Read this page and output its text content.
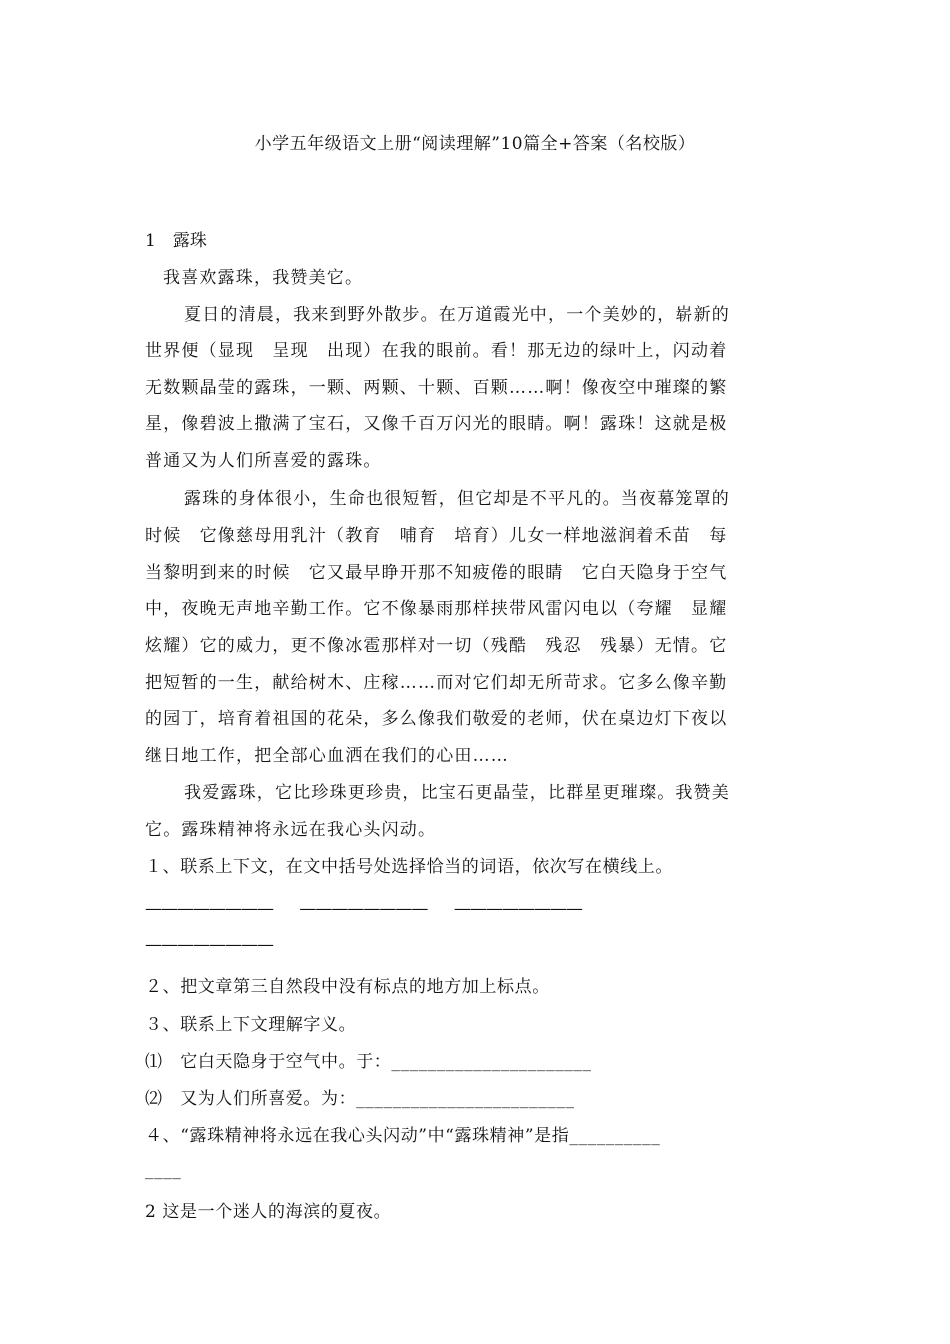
小学五年级语文上册“阅读理解”10篇全+答案（名校版）
1　露珠
我喜欢露珠，我赞美它。
夏日的清晨，我来到野外散步。在万道霞光中，一个美妙的，崭新的
世界便（显现　呈现　出现）在我的眼前。看！那无边的绿叶上，闪动着
无数颗晶莹的露珠，一颗、两颗、十颗、百颗……啊！像夜空中璀璨的繁
星，像碧波上撒满了宝石，又像千百万闪光的眼睛。啊！露珠！这就是极
普通又为人们所喜爱的露珠。
露珠的身体很小，生命也很短暂，但它却是不平凡的。当夜幕笼罩的
时候　它像慈母用乳汁（教育　哺育　培育）儿女一样地滋润着禾苗　每
当黎明到来的时候　它又最早睁开那不知疲倦的眼睛　它白天隐身于空气
中，夜晚无声地辛勤工作。它不像暴雨那样挟带风雷闪电以（夸耀　显耀
炫耀）它的威力，更不像冰雹那样对一切（残酷　残忍　残暴）无情。它
把短暂的一生，献给树木、庄稼……而对它们却无所苛求。它多么像辛勤
的园丁，培育着祖国的花朵，多么像我们敬爱的老师，伏在桌边灯下夜以
继日地工作，把全部心血洒在我们的心田……
我爱露珠，它比珍珠更珍贵，比宝石更晶莹，比群星更璀璨。我赞美
它。露珠精神将永远在我心头闪动。
１、联系上下文，在文中括号处选择恰当的词语，依次写在横线上。
———————— ———————— ————————
————————
２、把文章第三自然段中没有标点的地方加上标点。
３、联系上下文理解字义。
⑴　它白天隐身于空气中。于：______________________
⑵　又为人们所喜爱。为：________________________
４、“露珠精神将永远在我心头闪动”中“露珠精神”是指__________
____
2 这是一个迷人的海滨的夏夜。
